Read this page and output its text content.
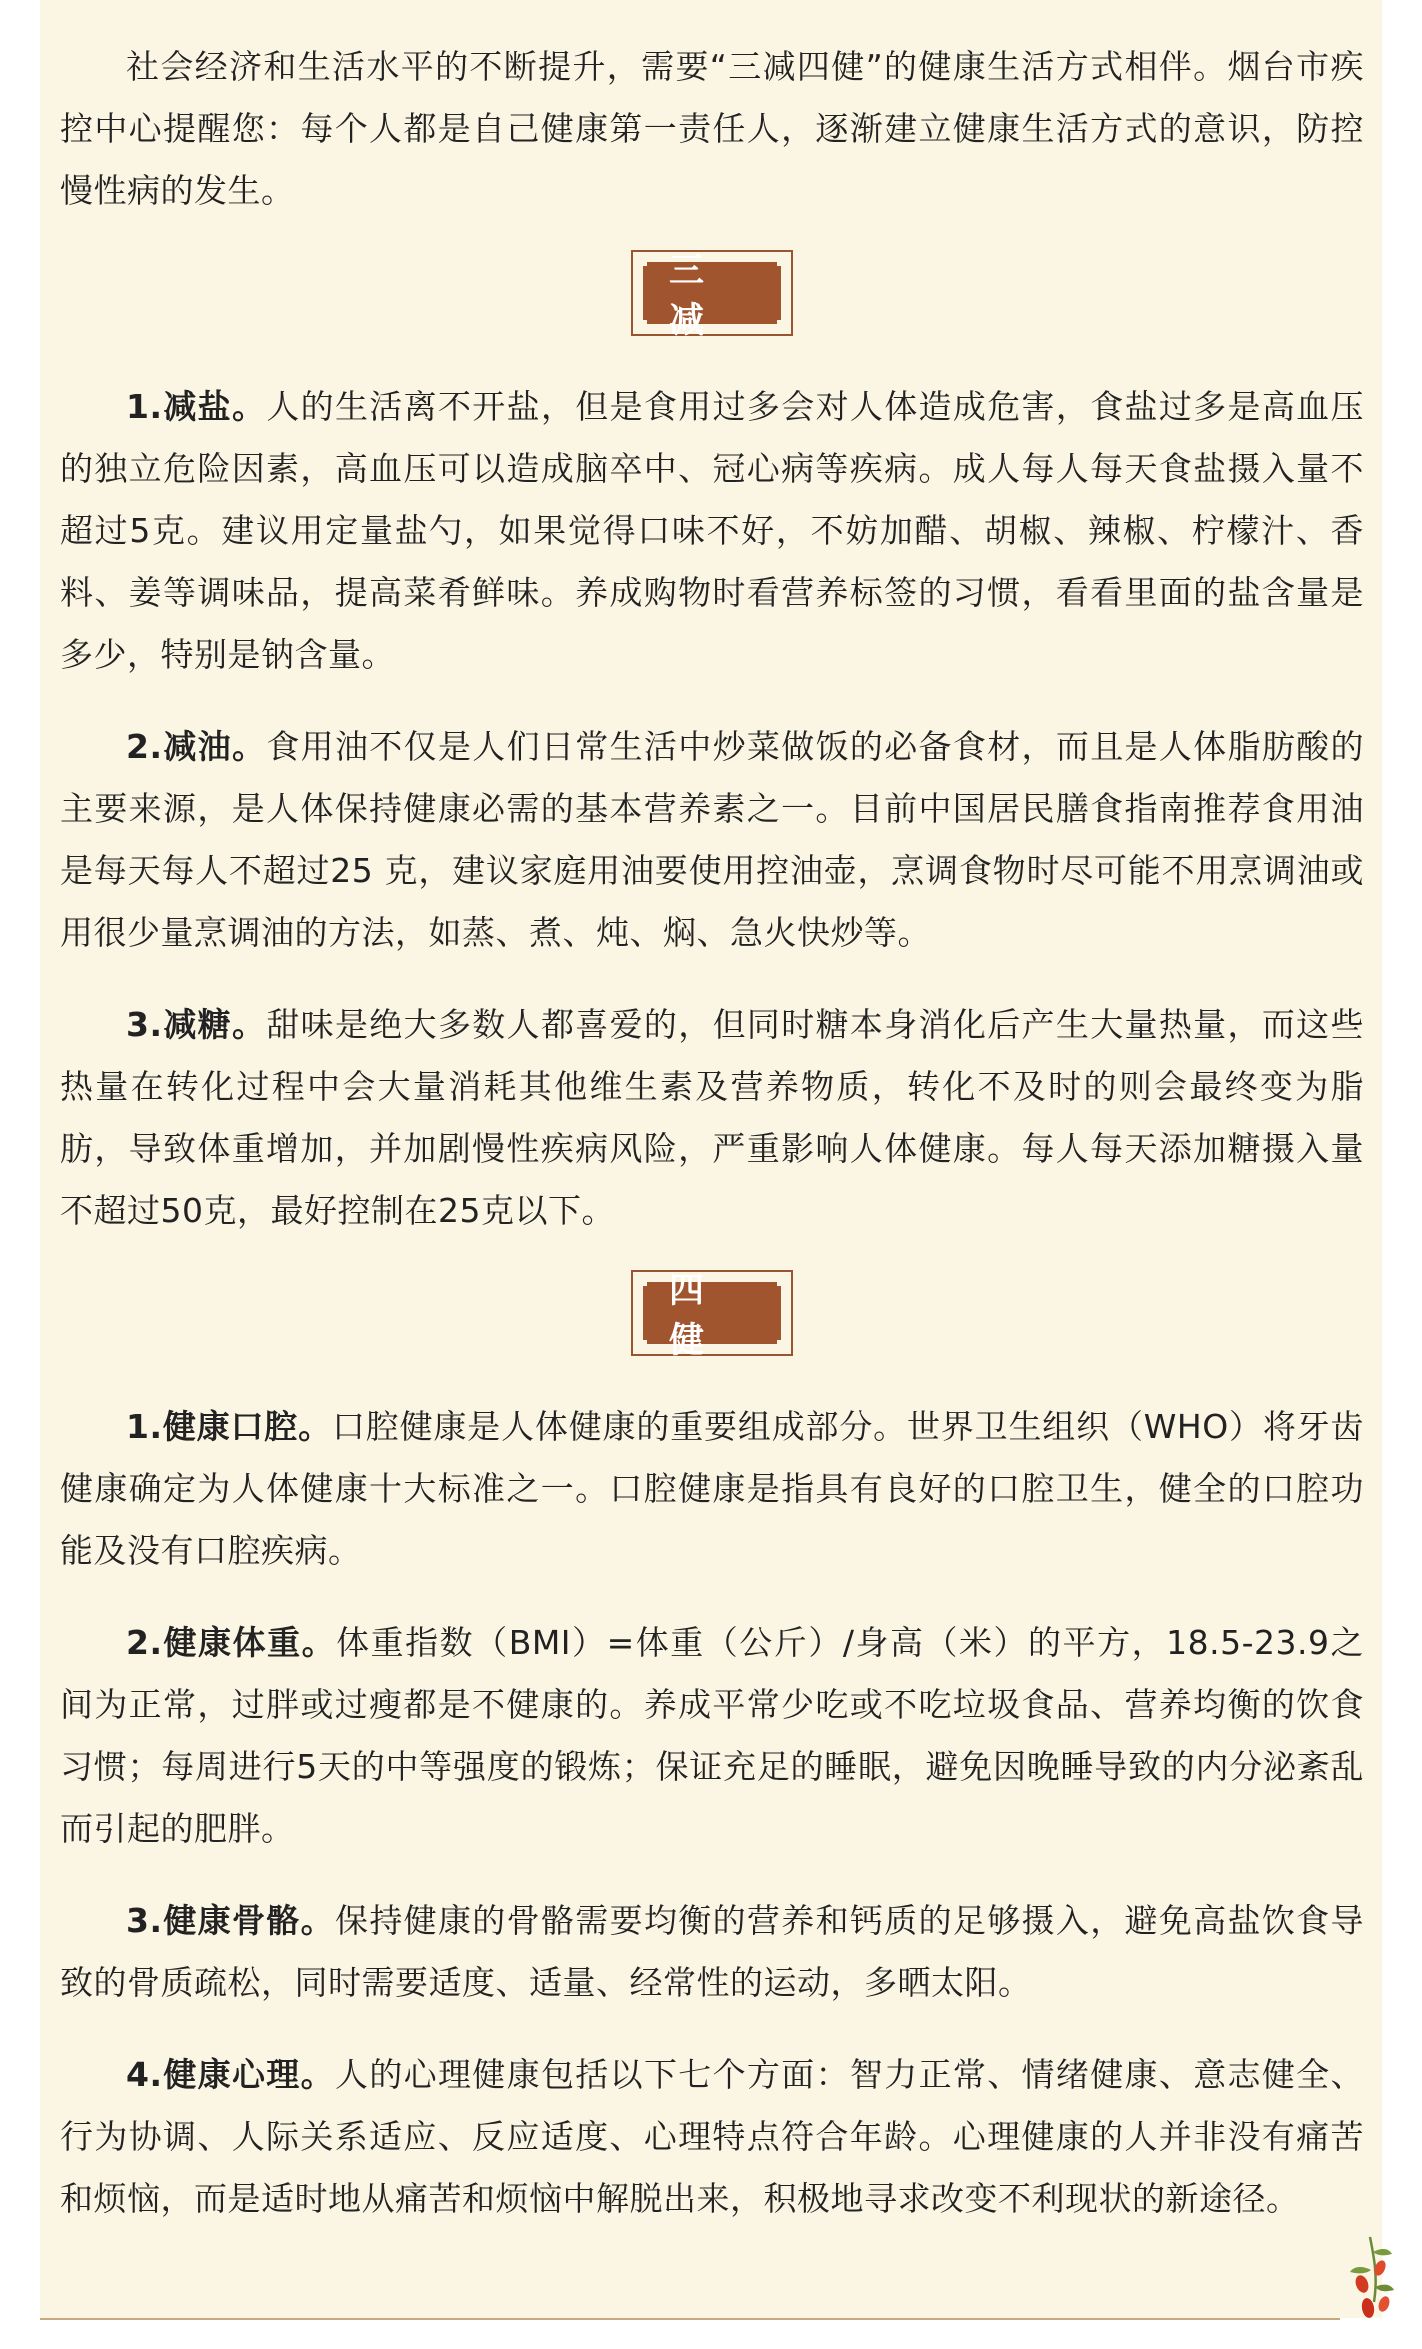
社会经济和生活水平的不断提升，需要“三减四健”的健康生活方式相伴。烟台市疾控中心提醒您：每个人都是自己健康第一责任人，逐渐建立健康生活方式的意识，防控慢性病的发生。

三减

1.减盐。人的生活离不开盐，但是食用过多会对人体造成危害，食盐过多是高血压的独立危险因素，高血压可以造成脑卒中、冠心病等疾病。成人每人每天食盐摄入量不超过5克。建议用定量盐勺，如果觉得口味不好，不妨加醋、胡椒、辣椒、柠檬汁、香料、姜等调味品，提高菜肴鲜味。养成购物时看营养标签的习惯，看看里面的盐含量是多少，特别是钠含量。

2.减油。食用油不仅是人们日常生活中炒菜做饭的必备食材，而且是人体脂肪酸的主要来源，是人体保持健康必需的基本营养素之一。目前中国居民膳食指南推荐食用油是每天每人不超过25 克，建议家庭用油要使用控油壶，烹调食物时尽可能不用烹调油或用很少量烹调油的方法，如蒸、煮、炖、焖、急火快炒等。

3.减糖。甜味是绝大多数人都喜爱的，但同时糖本身消化后产生大量热量，而这些热量在转化过程中会大量消耗其他维生素及营养物质，转化不及时的则会最终变为脂肪，导致体重增加，并加剧慢性疾病风险，严重影响人体健康。每人每天添加糖摄入量不超过50克，最好控制在25克以下。

四健

1.健康口腔。口腔健康是人体健康的重要组成部分。世界卫生组织（WHO）将牙齿健康确定为人体健康十大标准之一。口腔健康是指具有良好的口腔卫生，健全的口腔功能及没有口腔疾病。

2.健康体重。体重指数（BMI）=体重（公斤）/身高（米）的平方，18.5-23.9之间为正常，过胖或过瘦都是不健康的。养成平常少吃或不吃垃圾食品、营养均衡的饮食习惯；每周进行5天的中等强度的锻炼；保证充足的睡眠，避免因晚睡导致的内分泌紊乱而引起的肥胖。

3.健康骨骼。保持健康的骨骼需要均衡的营养和钙质的足够摄入，避免高盐饮食导致的骨质疏松，同时需要适度、适量、经常性的运动，多晒太阳。

4.健康心理。人的心理健康包括以下七个方面：智力正常、情绪健康、意志健全、行为协调、人际关系适应、反应适度、心理特点符合年龄。心理健康的人并非没有痛苦和烦恼，而是适时地从痛苦和烦恼中解脱出来，积极地寻求改变不利现状的新途径。
